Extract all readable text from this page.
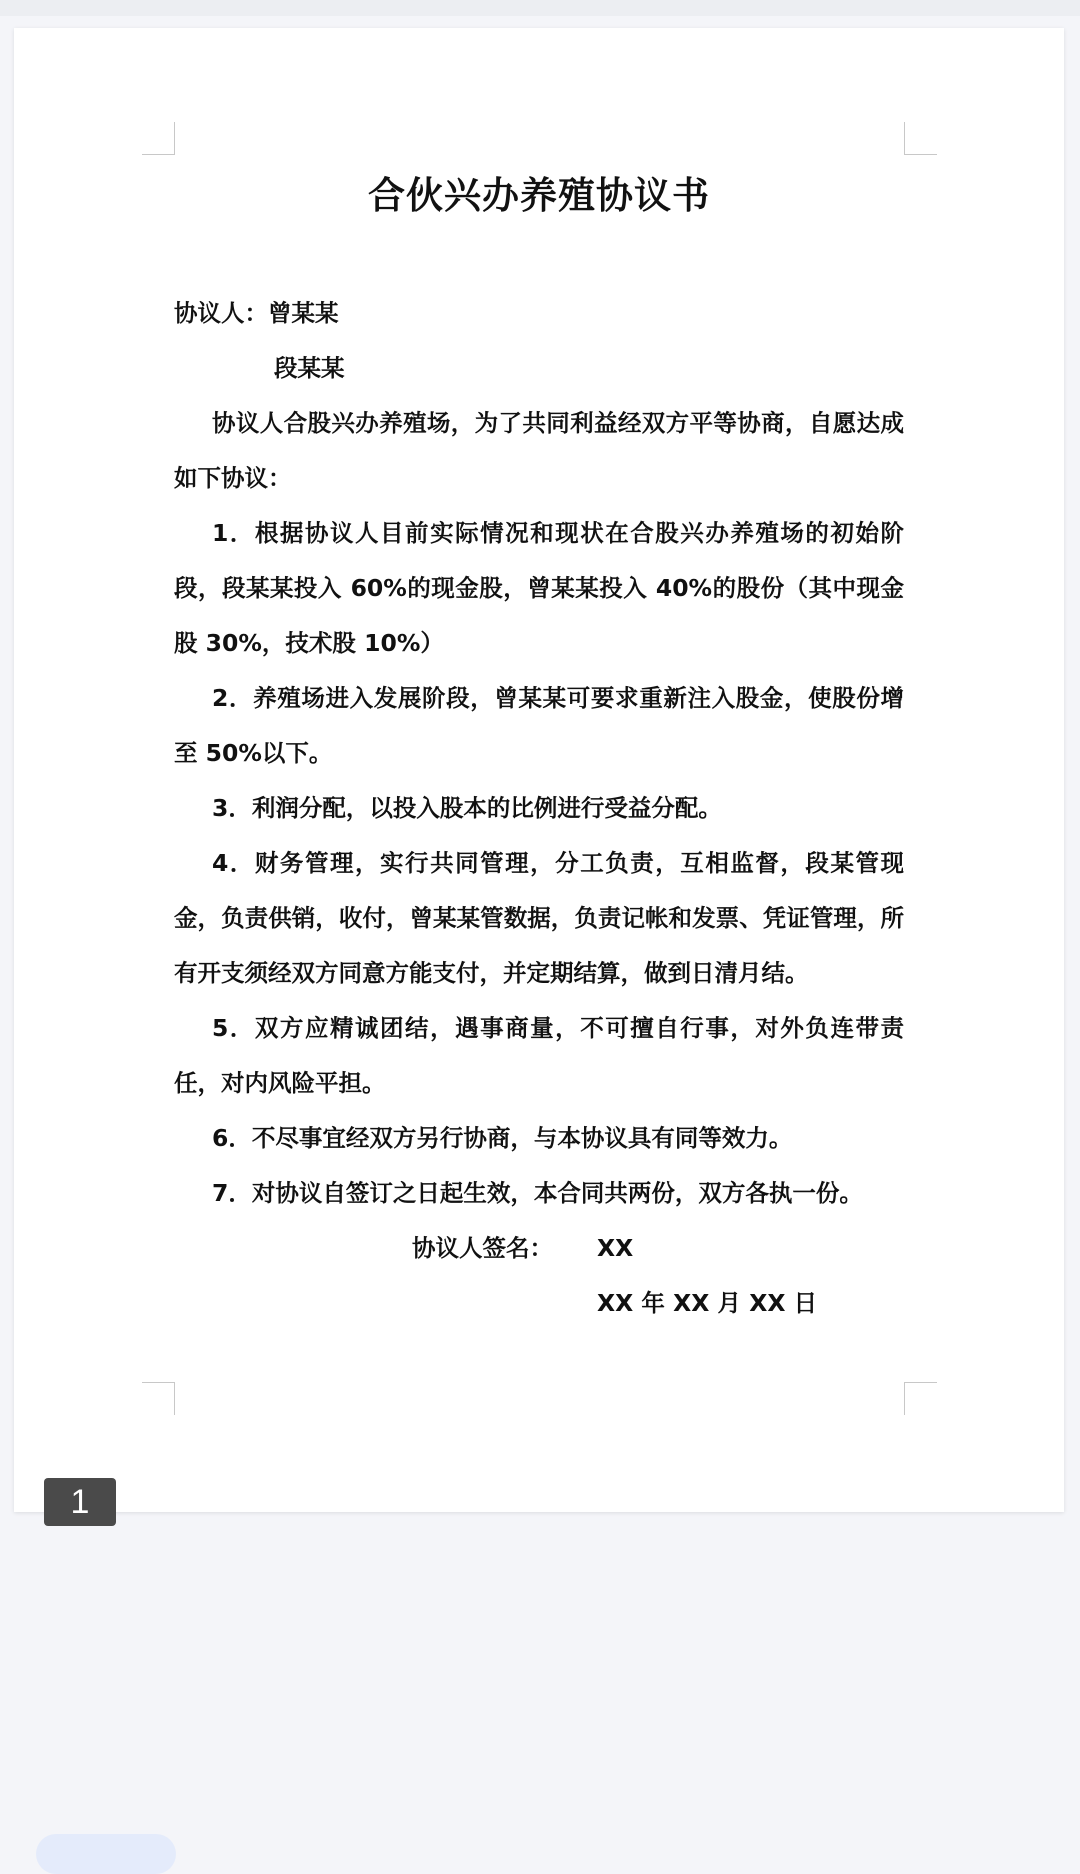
合伙兴办养殖协议书

协议人：曾某某

段某某

协议人合股兴办养殖场，为了共同利益经双方平等协商，自愿达成如下协议：

1．根据协议人目前实际情况和现状在合股兴办养殖场的初始阶段，段某某投入 60%的现金股，曾某某投入 40%的股份（其中现金股 30%，技术股 10%）

2．养殖场进入发展阶段，曾某某可要求重新注入股金，使股份增至 50%以下。

3．利润分配，以投入股本的比例进行受益分配。

4．财务管理，实行共同管理，分工负责，互相监督，段某管现金，负责供销，收付，曾某某管数据，负责记帐和发票、凭证管理，所有开支须经双方同意方能支付，并定期结算，做到日清月结。

5．双方应精诚团结，遇事商量，不可擅自行事，对外负连带责任，对内风险平担。

6．不尽事宜经双方另行协商，与本协议具有同等效力。

7．对协议自签订之日起生效，本合同共两份，双方各执一份。

协议人签名： XX
XX 年 XX 月 XX 日
1
